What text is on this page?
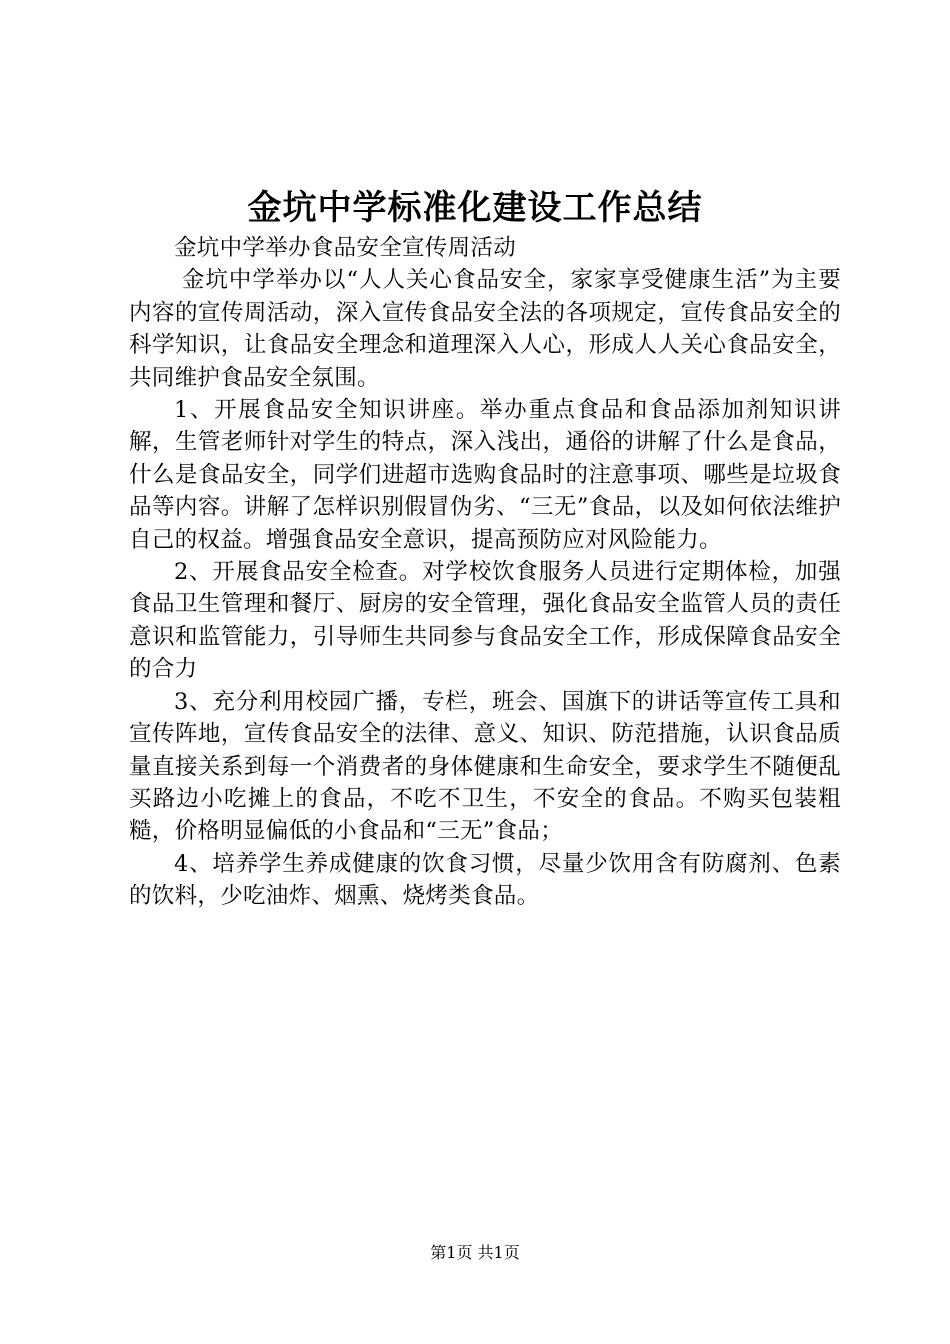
金坑中学标准化建设工作总结

金坑中学举办食品安全宣传周活动

金坑中学举办以“人人关心食品安全，家家享受健康生活”为主要内容的宣传周活动，深入宣传食品安全法的各项规定，宣传食品安全的科学知识，让食品安全理念和道理深入人心，形成人人关心食品安全，共同维护食品安全氛围。

1、开展食品安全知识讲座。举办重点食品和食品添加剂知识讲解，生管老师针对学生的特点，深入浅出，通俗的讲解了什么是食品，什么是食品安全，同学们进超市选购食品时的注意事项、哪些是垃圾食品等内容。讲解了怎样识别假冒伪劣、“三无”食品，以及如何依法维护自己的权益。增强食品安全意识，提高预防应对风险能力。

2、开展食品安全检查。对学校饮食服务人员进行定期体检，加强食品卫生管理和餐厅、厨房的安全管理，强化食品安全监管人员的责任意识和监管能力，引导师生共同参与食品安全工作，形成保障食品安全的合力

3、充分利用校园广播，专栏，班会、国旗下的讲话等宣传工具和宣传阵地，宣传食品安全的法律、意义、知识、防范措施，认识食品质量直接关系到每一个消费者的身体健康和生命安全，要求学生不随便乱买路边小吃摊上的食品，不吃不卫生，不安全的食品。不购买包装粗糙，价格明显偏低的小食品和“三无”食品；

4、培养学生养成健康的饮食习惯，尽量少饮用含有防腐剂、色素的饮料，少吃油炸、烟熏、烧烤类食品。

第1页 共1页
